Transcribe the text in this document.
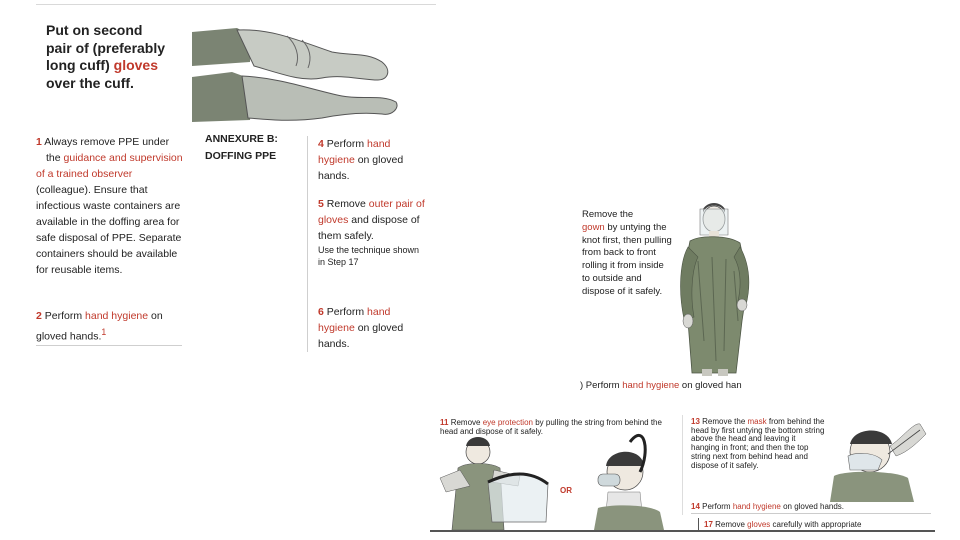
Put on second
pair of (preferably
long cuff) gloves
over the cuff.
1 Always remove PPE under
the guidance and supervision of a trained observer (colleague). Ensure that infectious waste containers are available in the doffing area for safe disposal of PPE. Separate containers should be available for reusable items.
2 Perform hand hygiene on gloved hands.$^1$
ANNEXURE B:
DOFFING PPE
4 Perform hand hygiene on gloved hands.
5 Remove outer pair of gloves and dispose of them safely.
Use the technique shown in Step 17
6 Perform hand hygiene on gloved hands.
Remove the
gown by untying the knot first, then pulling from back to front rolling it from inside to outside and dispose of it safely.
) Perform hand hygiene on gloved han
11 Remove eye protection by pulling the string from behind the head and dispose of it safely.
OR
13 Remove the mask from behind the head by first untying the bottom string above the head and leaving it hanging in front; and then the top string next from behind head and dispose of it safely.
14 Perform hand hygiene on gloved hands.
17 Remove gloves carefully with appropriate
